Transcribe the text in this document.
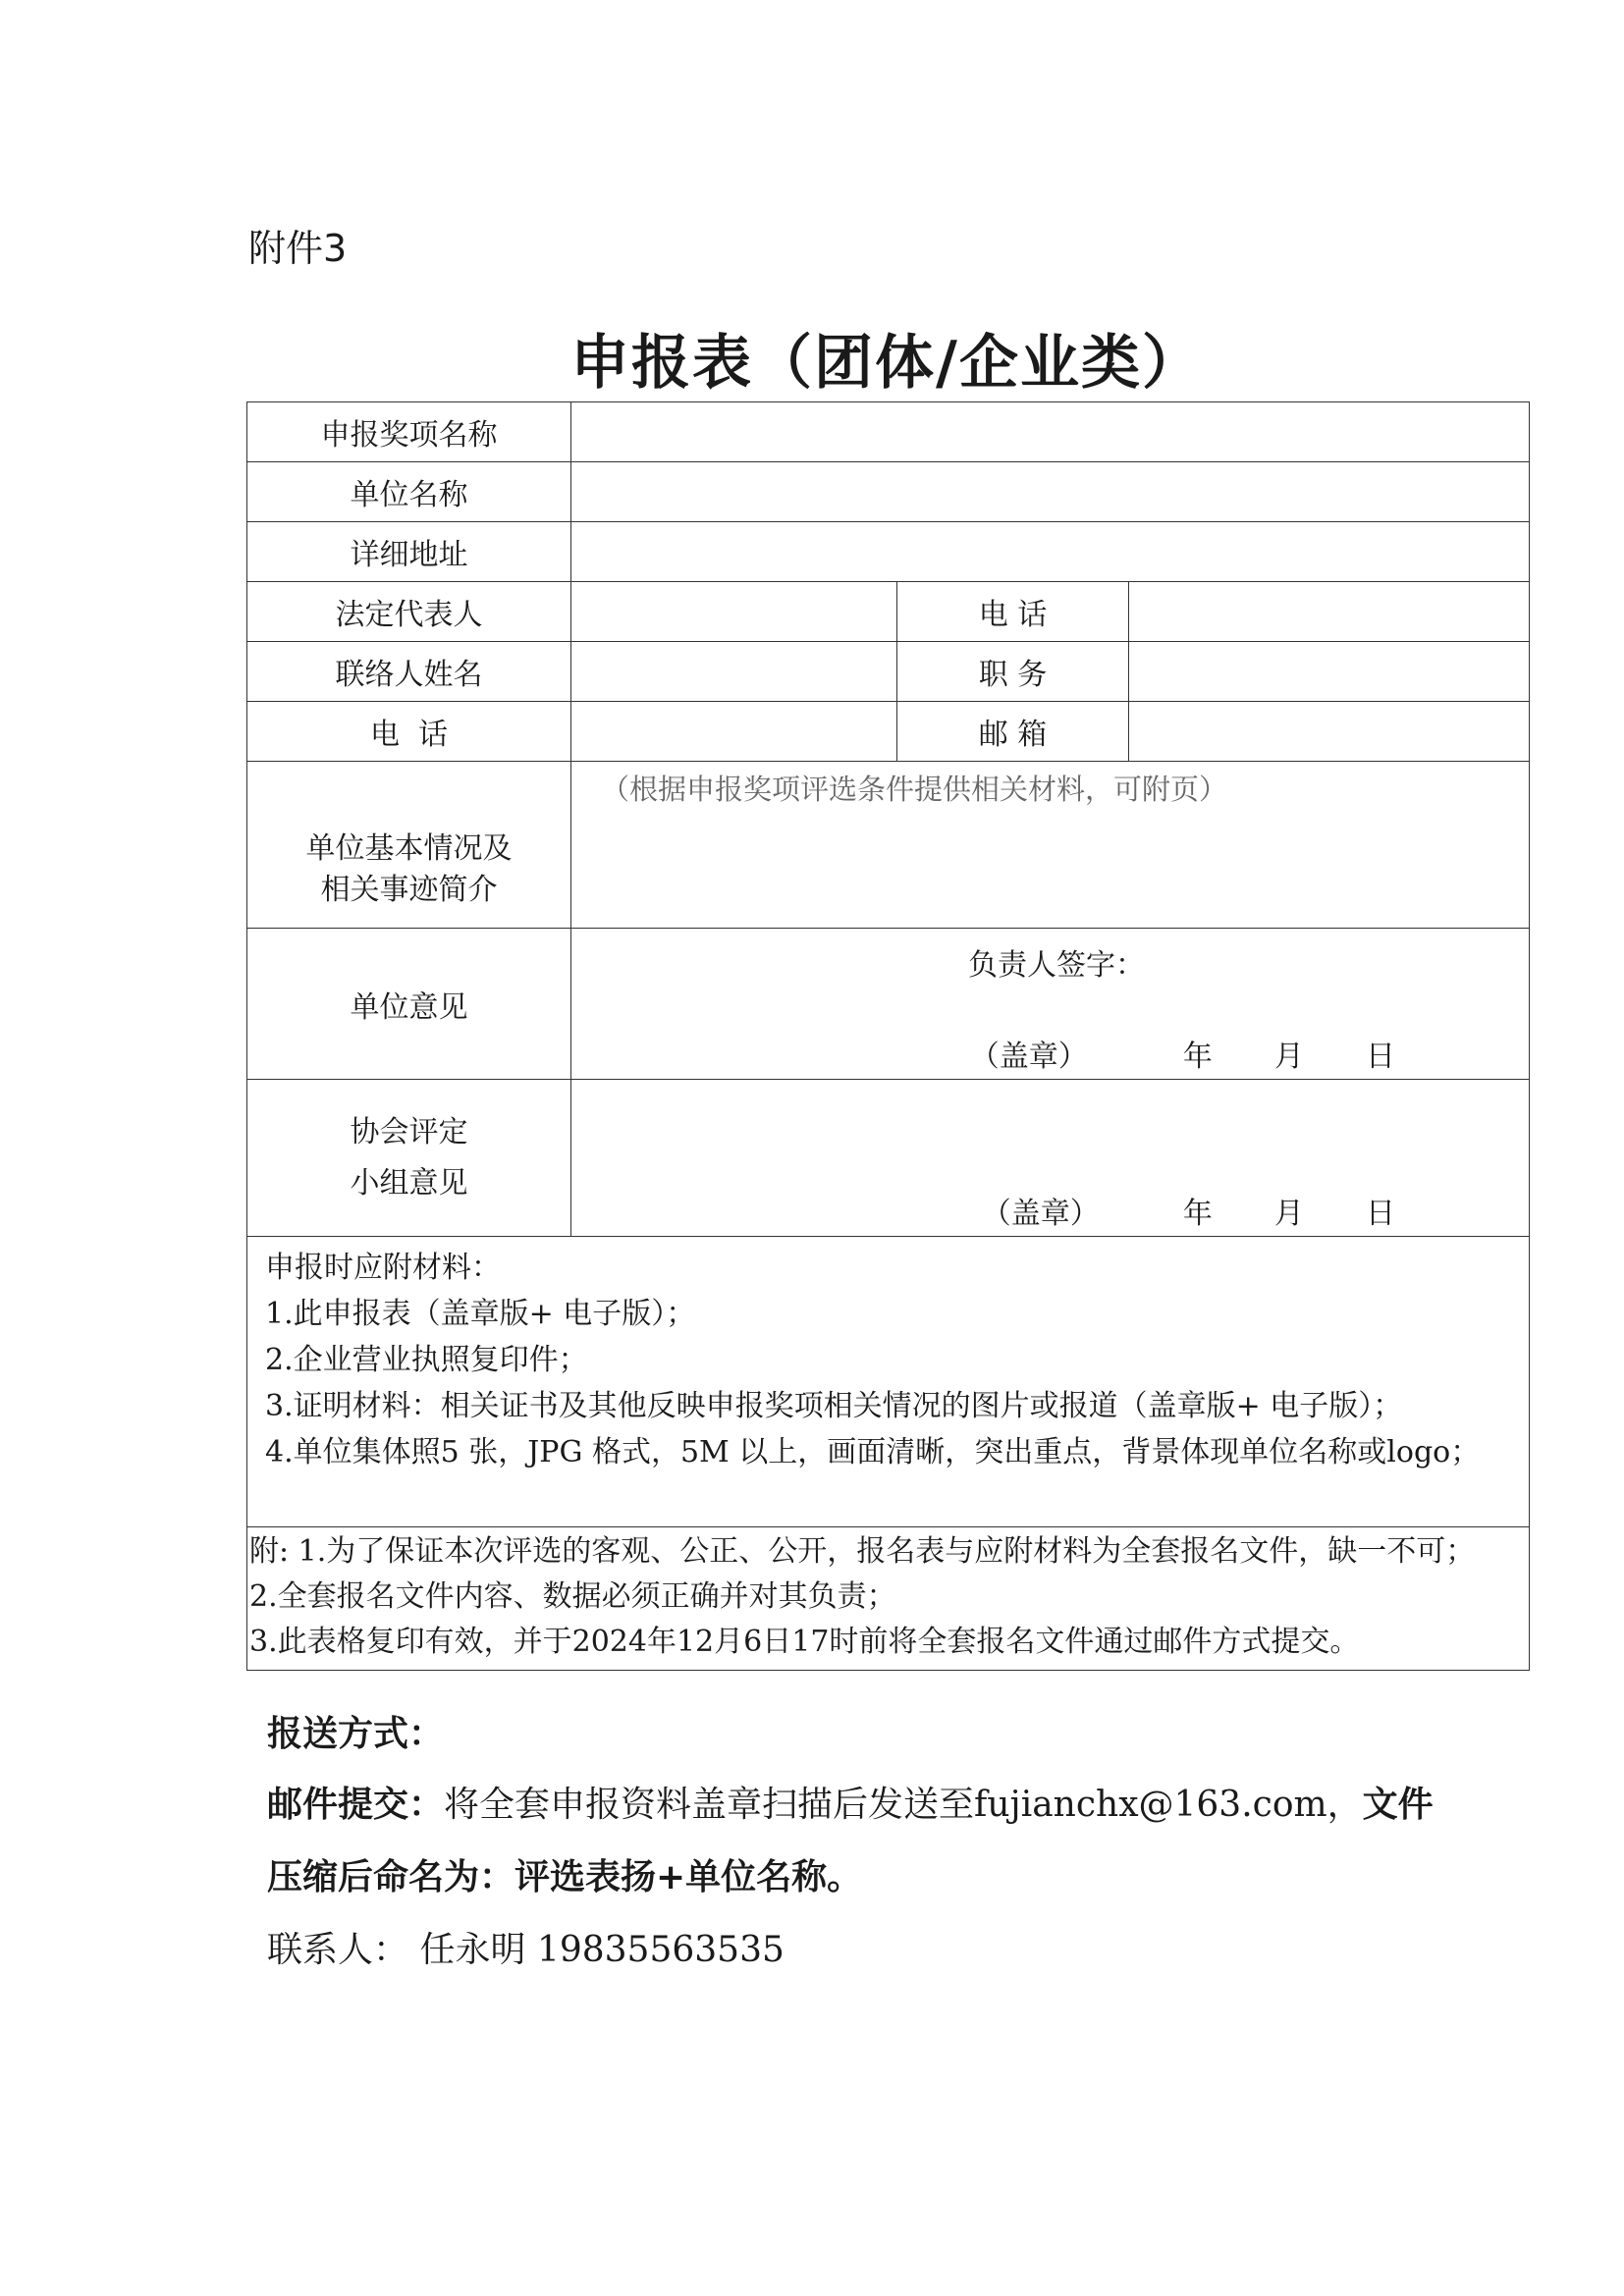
附件3
申报表（团体/企业类）
申报奖项名称			
单位名称			
详细地址			
法定代表人		电 话	
联络人姓名		职 务	
电  话		邮 箱	

单位基本情况及
相关事迹简介	（根据申报奖项评选条件提供相关材料，可附页）		

单位意见	负责人签字：
（盖章） 年 月 日		

协会评定
小组意见	（盖章） 年 月 日		

申报时应附材料：
1.此申报表（盖章版+ 电子版）；
2.企业营业执照复印件；
3.证明材料：相关证书及其他反映申报奖项相关情况的图片或报道（盖章版+ 电子版）；
4.单位集体照5 张，JPG 格式，5M 以上，画面清晰，突出重点，背景体现单位名称或logo；			

附: 1.为了保证本次评选的客观、公正、公开，报名表与应附材料为全套报名文件，缺一不可；
2.全套报名文件内容、数据必须正确并对其负责；
3.此表格复印有效，并于2024年12月6日17时前将全套报名文件通过邮件方式提交。			
报送方式：
邮件提交：将全套申报资料盖章扫描后发送至fujianchx@163.com，文件
压缩后命名为：评选表扬+单位名称。
联系人： 任永明 19835563535
